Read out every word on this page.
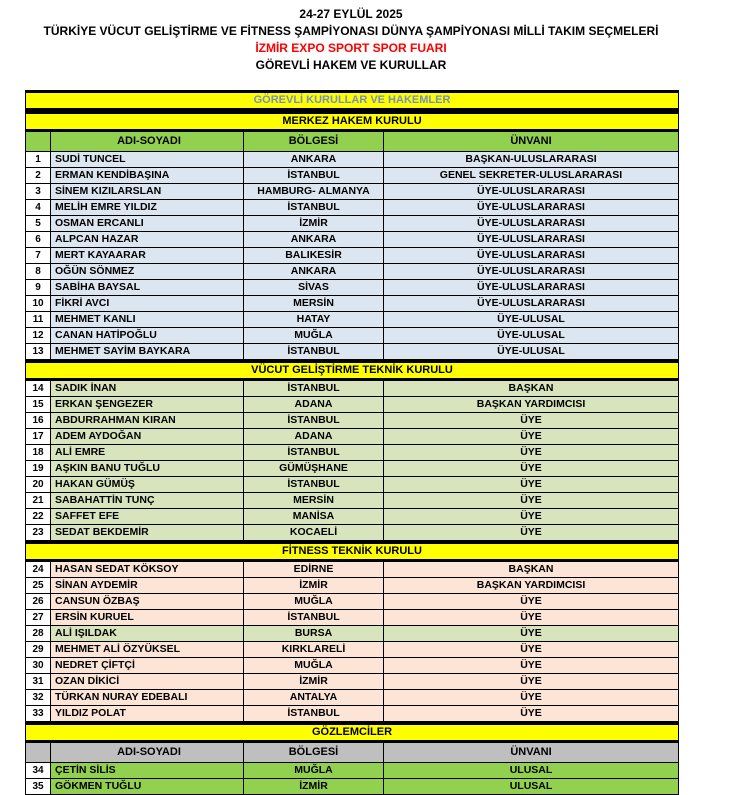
24-27 EYLÜL 2025
TÜRKİYE VÜCUT GELİŞTİRME VE FİTNESS ŞAMPİYONASI DÜNYA ŞAMPİYONASI MİLLİ TAKIM SEÇMELERİ
İZMİR EXPO SPORT SPOR FUARI
GÖREVLİ HAKEM VE KURULLAR
GÖREVLİ KURULLAR VE HAKEMLER
MERKEZ HAKEM KURULU
ADI-SOYADI	BÖLGESİ	ÜNVANI
1	SUDİ TUNCEL	ANKARA	BAŞKAN-ULUSLARARASI
2	ERMAN KENDİBAŞINA	İSTANBUL	GENEL SEKRETER-ULUSLARARASI
3	SİNEM KIZILARSLAN	HAMBURG- ALMANYA	ÜYE-ULUSLARARASI
4	MELİH EMRE YILDIZ	İSTANBUL	ÜYE-ULUSLARARASI
5	OSMAN ERCANLI	İZMİR	ÜYE-ULUSLARARASI
6	ALPCAN HAZAR	ANKARA	ÜYE-ULUSLARARASI
7	MERT KAYAARAR	BALIKESİR	ÜYE-ULUSLARARASI
8	OĞÜN SÖNMEZ	ANKARA	ÜYE-ULUSLARARASI
9	SABİHA BAYSAL	SİVAS	ÜYE-ULUSLARARASI
10	FİKRİ AVCI	MERSİN	ÜYE-ULUSLARARASI
11	MEHMET KANLI	HATAY	ÜYE-ULUSAL
12	CANAN HATİPOĞLU	MUĞLA	ÜYE-ULUSAL
13	MEHMET SAYİM BAYKARA	İSTANBUL	ÜYE-ULUSAL
VÜCUT GELİŞTİRME TEKNİK KURULU
14	SADIK İNAN	İSTANBUL	BAŞKAN
15	ERKAN ŞENGEZER	ADANA	BAŞKAN YARDIMCISI
16	ABDURRAHMAN KIRAN	İSTANBUL	ÜYE
17	ADEM AYDOĞAN	ADANA	ÜYE
18	ALİ EMRE	İSTANBUL	ÜYE
19	AŞKIN BANU TUĞLU	GÜMÜŞHANE	ÜYE
20	HAKAN GÜMÜŞ	İSTANBUL	ÜYE
21	SABAHATTİN TUNÇ	MERSİN	ÜYE
22	SAFFET EFE	MANİSA	ÜYE
23	SEDAT BEKDEMİR	KOCAELİ	ÜYE
FİTNESS TEKNİK KURULU
24	HASAN SEDAT KÖKSOY	EDİRNE	BAŞKAN
25	SİNAN AYDEMİR	İZMİR	BAŞKAN YARDIMCISI
26	CANSUN ÖZBAŞ	MUĞLA	ÜYE
27	ERSİN KURUEL	İSTANBUL	ÜYE
28	ALİ IŞILDAK	BURSA	ÜYE
29	MEHMET ALİ ÖZYÜKSEL	KIRKLARELİ	ÜYE
30	NEDRET ÇİFTÇİ	MUĞLA	ÜYE
31	OZAN DİKİCİ	İZMİR	ÜYE
32	TÜRKAN NURAY EDEBALI	ANTALYA	ÜYE
33	YILDIZ POLAT	İSTANBUL	ÜYE
GÖZLEMCİLER
ADI-SOYADI	BÖLGESİ	ÜNVANI
34	ÇETİN SİLİS	MUĞLA	ULUSAL
35	GÖKMEN TUĞLU	İZMİR	ULUSAL
